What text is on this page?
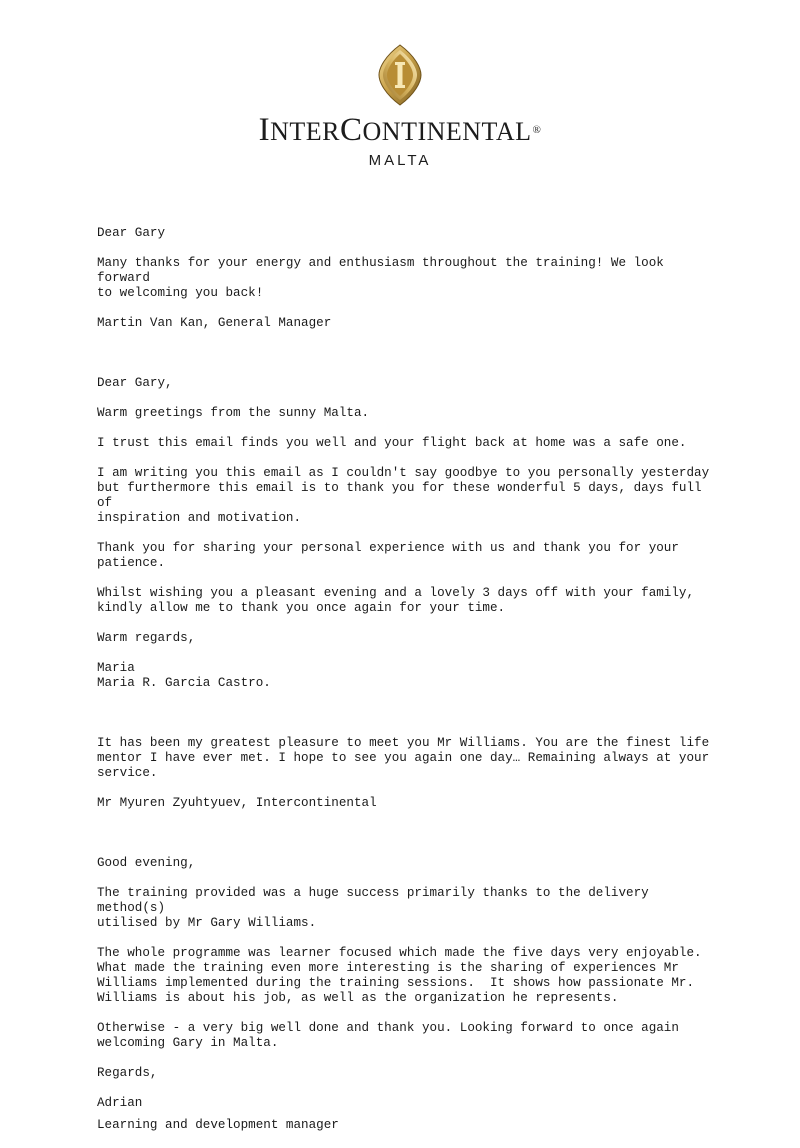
INTERCONTINENTAL®
MALTA

Dear Gary

Many thanks for your energy and enthusiasm throughout the training! We look forward
to welcoming you back!

Martin Van Kan, General Manager

Dear Gary,

Warm greetings from the sunny Malta.

I trust this email finds you well and your flight back at home was a safe one.

I am writing you this email as I couldn't say goodbye to you personally yesterday
but furthermore this email is to thank you for these wonderful 5 days, days full of
inspiration and motivation.

Thank you for sharing your personal experience with us and thank you for your
patience.

Whilst wishing you a pleasant evening and a lovely 3 days off with your family,
kindly allow me to thank you once again for your time.

Warm regards,

Maria
Maria R. Garcia Castro.

It has been my greatest pleasure to meet you Mr Williams. You are the finest life
mentor I have ever met. I hope to see you again one day… Remaining always at your
service.

Mr Myuren Zyuhtyuev, Intercontinental

Good evening,

The training provided was a huge success primarily thanks to the delivery method(s)
utilised by Mr Gary Williams.

The whole programme was learner focused which made the five days very enjoyable.
What made the training even more interesting is the sharing of experiences Mr
Williams implemented during the training sessions.  It shows how passionate Mr.
Williams is about his job, as well as the organization he represents.

Otherwise - a very big well done and thank you. Looking forward to once again
welcoming Gary in Malta.

Regards,

Adrian

Learning and development manager
